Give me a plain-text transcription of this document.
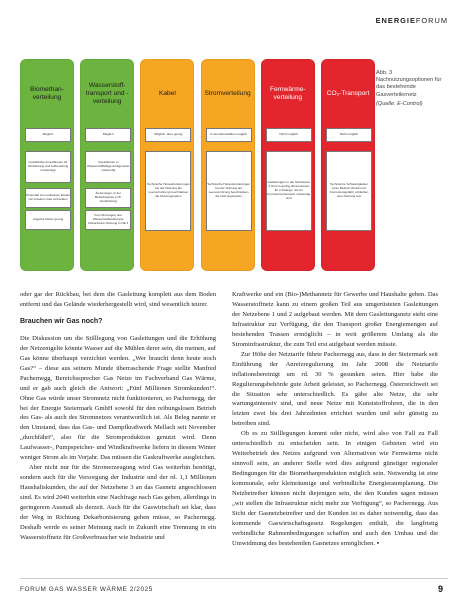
ENERGIEFORUM
Biomethan-
verteilung
Möglich
(zusätzliche Investitionen für Verdichtung und Aufbereitung notwendig)
Potenzial zum teilweisen Ersatz von fossilem Gas vorhanden
Angebot bisher gering
Wasserstoff-
transport und -
verteilung
Möglich
Investitionen in Wasserstofffähige Anlagenteile notwendig
Änderungen in der Betriebsweise (z.B. Verdichtung)
Kein (Erzeuger) aus Wasserstoffelektrolyse bisher/keine Nutzung in NE 3
Kabel
Möglich, aber gering
Technische Herausforderungen bei der Nutzung als Leerverrohrung beschränken die Nutzungsoption
Stromverteilung
In Ausnahmefällen möglich
Technische Herausforderungen bei der Nutzung als Leerverrohrung beschränken die Nutzungsoption
Fernwärme-
verteilung
Nicht möglich
Gasleitungen in der Netzebene 3 sind zu gering dimensioniert für 2-Strängs, die für Fernwärmetransport notwendig sind
CO₂-Transport
Nicht möglich
Technische Schwierigkeiten beim Betrieb (Druck und Korrosionsgefahr) schließen eine Nutzung aus
Abb. 3
Nachnutzungsoptionen für das bestehende Gasverteilernetz
(Quelle: E-Control)

oder gar der Rückbau, bei dem die Gasleitung komplett aus dem Boden entfernt und das Gelände wiederhergestellt wird, sind wesentlich teurer.

Brauchen wir Gas noch?

Die Diskussion um die Stilllegung von Gasleitungen und die Erhöhung der Netzentgelte könnte Wasser auf die Mühlen derer sein, die meinen, auf Gas könne überhaupt verzichtet werden. „Wer braucht denn heute noch Gas?“ – diese aus seinem Munde überraschende Frage stellte Manfred Pachernegg, Bereichssprecher Gas Netze im Fachverband Gas Wärme, und er gab auch gleich die Antwort: „Fünf Millionen Stromkunden!“. Ohne Gas würde unser Stromnetz nicht funktionieren, so Pachernegg, der bei der Energie Steiermark GmbH sowohl für den reibungslosen Betrieb des Gas- als auch des Stromnetzes verantwortlich ist. Als Beleg nannte er den Umstand, dass das Gas- und Dampfkraftwerk Mellach seit November „durchfährt“, also für die Stromproduktion genutzt wird. Denn Laufwasser-, Pumpspeicher- und Windkraftwerke liefern in diesem Winter weniger Strom als im Vorjahr. Das müssen die Gaskraftwerke ausgleichen.

Aber nicht nur für die Stromerzeugung wird Gas weiterhin benötigt, sondern auch für die Versorgung der Industrie und der rd. 1,1 Millionen Haushaltskunden, die auf der Netzebene 3 an das Gasnetz angeschlossen sind. Es wird 2040 weiterhin eine Nachfrage nach Gas geben, allerdings in geringerem Ausmaß als derzeit. Auch für die Gaswirtschaft sei klar, dass der Weg in Richtung Dekarbonisierung gehen müsse, so Pachernegg. Deshalb werde es seiner Meinung nach in Zukunft eine Trennung in ein Wasserstoffnetz für Großverbraucher wie Industrie und

Kraftwerke und ein (Bio-)Methannetz für Gewerbe und Haushalte geben. Das Wasserstoffnetz kann zu einem großen Teil aus umgerüsteten Gasleitungen der Netzebene 1 und 2 aufgebaut werden. Mit dem Gasleitungsnetz steht eine Infrastruktur zur Verfügung, die den Transport großer Energiemengen auf bestehenden Trassen ermöglicht – in weit größerem Umfang als die Strominfrastruktur, die zum Teil erst aufgebaut werden müsste.

Zur Höhe der Netztarife führte Pachernegg aus, dass in der Steiermark seit Einführung der Anreizregulierung im Jahr 2008 die Netztarife inflationsbereinigt um rd. 30 % gesunken seien. Hier habe die Regulierungsbehörde gute Arbeit geleistet, so Pachernegg. Österreichweit sei die Situation sehr unterschiedlich. Es gäbe alte Netze, die sehr wartungsintensiv sind, und neue Netze mit Kunststoffrohren, die in den letzten zwei bis drei Jahrzehnten errichtet wurden und sehr günstig zu betreiben sind.

Ob es zu Stilllegungen kommt oder nicht, wird also von Fall zu Fall unterschiedlich zu entscheiden sein. In einigen Gebieten wird ein Weiterbetrieb des Netzes aufgrund von Alternativen wie Fernwärme nicht sinnvoll sein, an anderer Stelle wird dies aufgrund günstiger regionaler Bedingungen für die Biomethanproduktion möglich sein. Notwendig ist eine kommunale, sehr kleinräumige und verbindliche Energieraumplanung. Die Netzbetreiber können nicht diejenigen sein, die den Kunden sagen müssen „wir stellen die Infrastruktur nicht mehr zur Verfügung“, so Pachernegg. Aus Sicht der Gasnetzbetreiber und der Kunden ist es daher notwendig, dass das kommende Gaswirtschaftsgesetz Regelungen enthält, die langfristig verbindliche Rahmenbedingungen schaffen und auch den Umbau und die Umwidmung des bestehenden Gasnetzes ermöglichen. ▪

FORUM GAS WASSER WÄRME 2/2025	9
